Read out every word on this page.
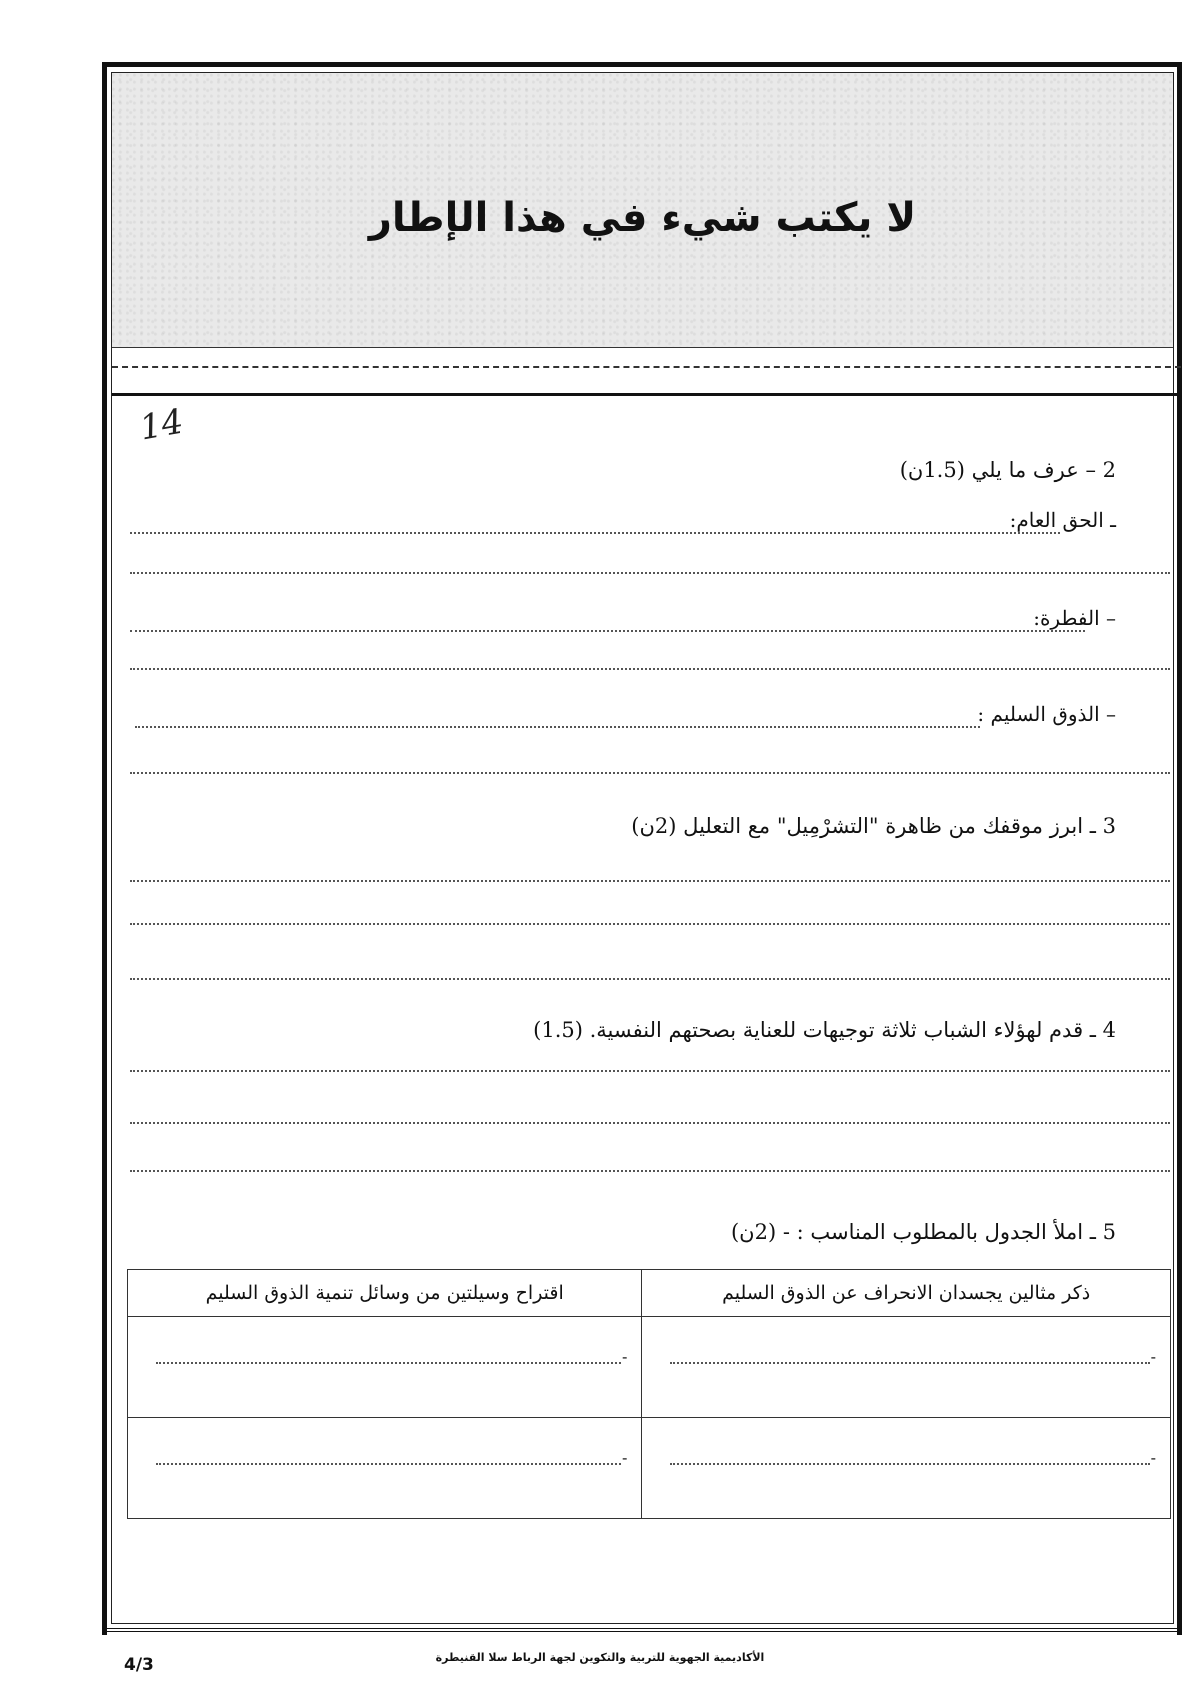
لا يكتب شيء في هذا الإطار
14
2 – عرف ما يلي (1.5ن)
ـ الحق العام:
– الفطرة:
– الذوق السليم :
3 ـ ابرز موقفك من ظاهرة "التشرْمِيل" مع التعليل (2ن)
4 ـ قدم لهؤلاء الشباب ثلاثة توجيهات للعناية بصحتهم النفسية. (1.5)
5 ـ املأ الجدول بالمطلوب المناسب : - (2ن)
ذكر مثالين يجسدان الانحراف عن الذوق السليم	اقتراح وسيلتين من وسائل تنمية الذوق السليم

-	-

-	-
الأكاديمية الجهوية للتربية والتكوين لجهة الرباط سلا القنيطرة
4/3
